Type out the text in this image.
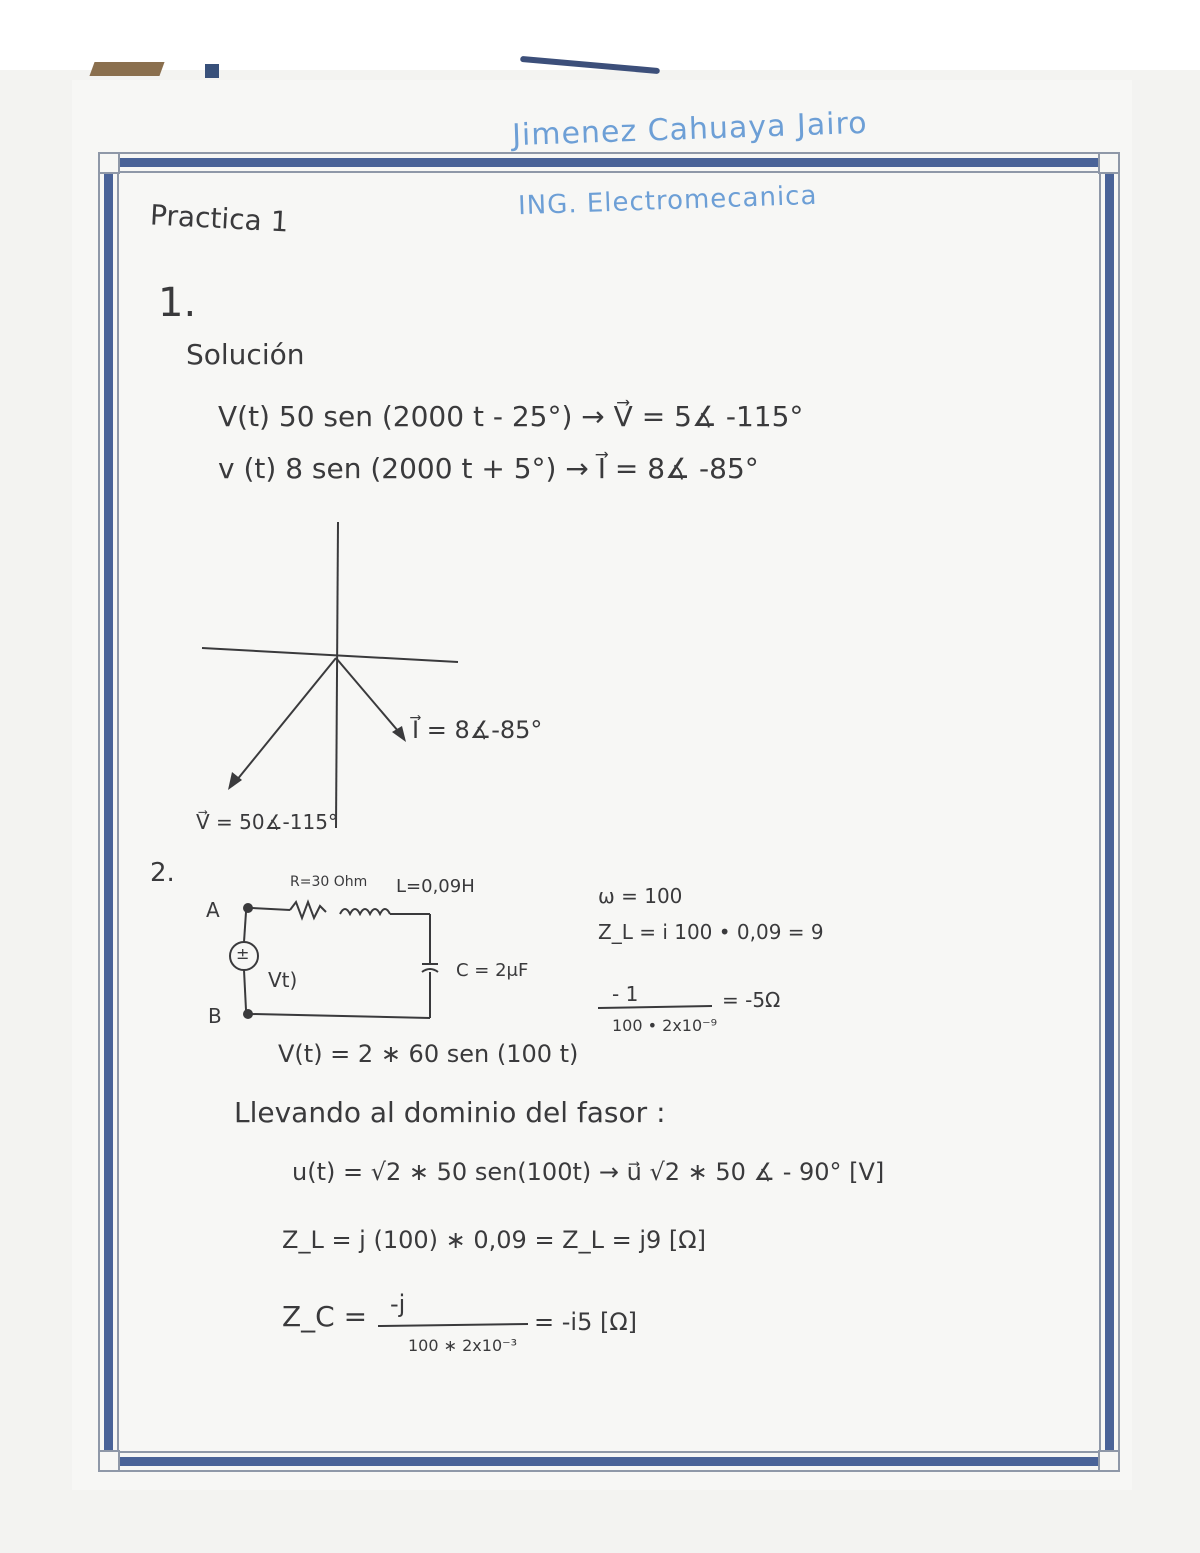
Jimenez Cahuaya Jairo
ING. Electromecanica
Practica 1
1.
Solución
V(t) 50 sen (2000 t - 25°) → V⃗ = 5∡ -115°
v (t) 8 sen (2000 t + 5°) → I⃗ = 8∡ -85°
I⃗ = 8∡-85°
V⃗ = 50∡-115°
2.
A
B
R=30 Ohm L=0,09H
C = 2μF
Vt)
±
ω = 100
Z_L = i 100 • 0,09 = 9
- 1
100 • 2x10⁻⁹
= -5Ω
V(t) = 2 ∗ 60 sen (100 t)
Llevando al dominio del fasor :
u(t) = √2 ∗ 50 sen(100t) → u⃗ √2 ∗ 50 ∡ - 90° [V]
Z_L = j (100) ∗ 0,09 = Z_L = j9 [Ω]
Z_C = -j
100 ∗ 2x10⁻³
= -i5 [Ω]
